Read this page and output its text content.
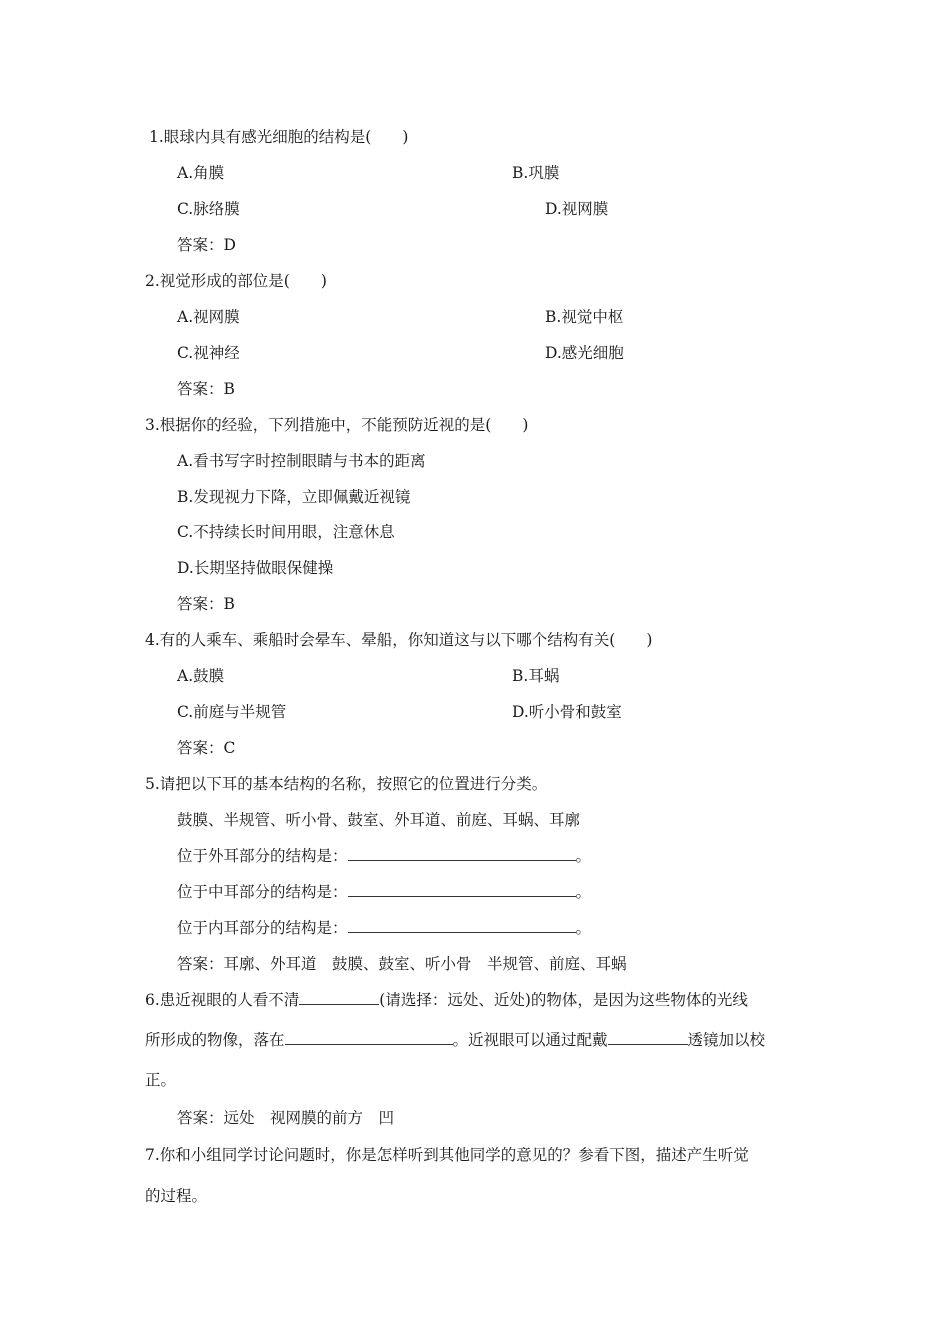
1.眼球内具有感光细胞的结构是(　　)
A.角膜	B.巩膜
C.脉络膜	D.视网膜
答案：D
2.视觉形成的部位是(　　)
A.视网膜	B.视觉中枢
C.视神经	D.感光细胞
答案：B
3.根据你的经验，下列措施中，不能预防近视的是(　　)
A.看书写字时控制眼睛与书本的距离
B.发现视力下降，立即佩戴近视镜
C.不持续长时间用眼，注意休息
D.长期坚持做眼保健操
答案：B
4.有的人乘车、乘船时会晕车、晕船，你知道这与以下哪个结构有关(　　)
A.鼓膜	B.耳蜗
C.前庭与半规管	D.听小骨和鼓室
答案：C
5.请把以下耳的基本结构的名称，按照它的位置进行分类。
鼓膜、半规管、听小骨、鼓室、外耳道、前庭、耳蜗、耳廓
位于外耳部分的结构是：	。
位于中耳部分的结构是：	。
位于内耳部分的结构是：	。
答案：耳廓、外耳道　鼓膜、鼓室、听小骨　半规管、前庭、耳蜗
6.患近视眼的人看不清	(请选择：远处、近处)的物体，是因为这些物体的光线
所形成的物像，落在	。近视眼可以通过配戴	透镜加以校
正。
答案：远处　视网膜的前方　凹
7.你和小组同学讨论问题时，你是怎样听到其他同学的意见的？参看下图，描述产生听觉
的过程。
